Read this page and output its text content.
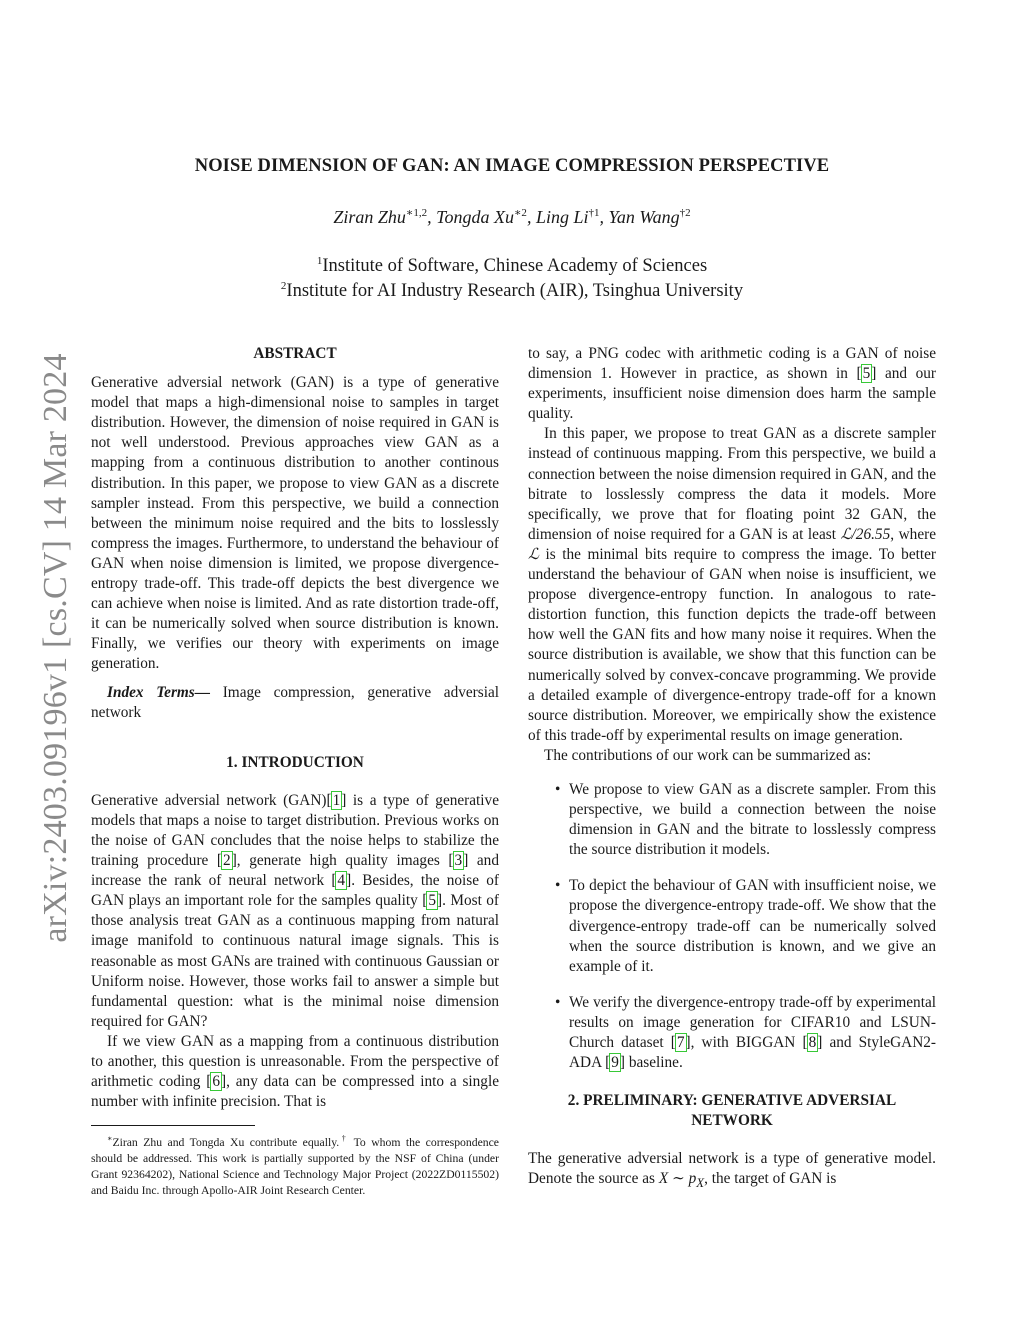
arXiv:2403.09196v1 [cs.CV] 14 Mar 2024
NOISE DIMENSION OF GAN: AN IMAGE COMPRESSION PERSPECTIVE
Ziran Zhu$^{∗1,2}$, Tongda $Xu^{∗2}$, Ling Li$^{\dagger 1}$, Yan Wang$^{\dagger 2}$
$^1$Institute of Software, Chinese Academy of Sciences
$^2$Institute for AI Industry Research (AIR), Tsinghua University
ABSTRACT

Generative adversial network (GAN) is a type of generative model that maps a high-dimensional noise to samples in target distribution. However, the dimension of noise required in GAN is not well understood. Previous approaches view GAN as a mapping from a continuous distribution to another continous distribution. In this paper, we propose to view GAN as a discrete sampler instead. From this perspective, we build a connection between the minimum noise required and the bits to losslessly compress the images. Furthermore, to understand the behaviour of GAN when noise dimension is limited, we propose divergence-entropy trade-off. This trade-off depicts the best divergence we can achieve when noise is limited. And as rate distortion trade-off, it can be numerically solved when source distribution is known. Finally, we verifies our theory with experiments on image generation.

Index Terms— Image compression, generative adversial network

1. INTRODUCTION

Generative adversial network (GAN)[1] is a type of generative models that maps a noise to target distribution. Previous works on the noise of GAN concludes that the noise helps to stabilize the training procedure [2], generate high quality images [3] and increase the rank of neural network [4]. Besides, the noise of GAN plays an important role for the samples quality [5]. Most of those analysis treat GAN as a continuous mapping from natural image manifold to continuous natural image signals. This is reasonable as most GANs are trained with continuous Gaussian or Uniform noise. However, those works fail to answer a simple but fundamental question: what is the minimal noise dimension required for GAN?

If we view GAN as a mapping from a continuous distribution to another, this question is unreasonable. From the perspective of arithmetic coding [6], any data can be compressed into a single number with infinite precision. That is

∗Ziran Zhu and Tongda Xu contribute equally.† To whom the correspondence should be addressed. This work is partially supported by the NSF of China (under Grant 92364202), National Science and Technology Major Project (2022ZD0115502) and Baidu Inc. through Apollo-AIR Joint Research Center.

to say, a PNG codec with arithmetic coding is a GAN of noise dimension 1. However in practice, as shown in [5] and our experiments, insufficient noise dimension does harm the sample quality.

In this paper, we propose to treat GAN as a discrete sampler instead of continuous mapping. From this perspective, we build a connection between the noise dimension required in GAN, and the bitrate to losslessly compress the data it models. More specifically, we prove that for floating point 32 GAN, the dimension of noise required for a GAN is at least ℒ/26.55, where ℒ is the minimal bits require to compress the image. To better understand the behaviour of GAN when noise is insufficient, we propose divergence-entropy function. In analogous to rate-distortion function, this function depicts the trade-off between how well the GAN fits and how many noise it requires. When the source distribution is available, we show that this function can be numerically solved by convex-concave programming. We provide a detailed example of divergence-entropy trade-off for a known source distribution. Moreover, we empirically show the existence of this trade-off by experimental results on image generation.

The contributions of our work can be summarized as:

• We propose to view GAN as a discrete sampler. From this perspective, we build a connection between the noise dimension in GAN and the bitrate to losslessly compress the source distribution it models.
• To depict the behaviour of GAN with insufficient noise, we propose the divergence-entropy trade-off. We show that the divergence-entropy trade-off can be numerically solved when the source distribution is known, and we give an example of it.
• We verify the divergence-entropy trade-off by experimental results on image generation for CIFAR10 and LSUN-Church dataset [7], with BIGGAN [8] and StyleGAN2-ADA [9] baseline.
2. PRELIMINARY: GENERATIVE ADVERSIAL
NETWORK

The generative adversial network is a type of generative model. Denote the source as X ∼ $p_X$, the target of GAN is
